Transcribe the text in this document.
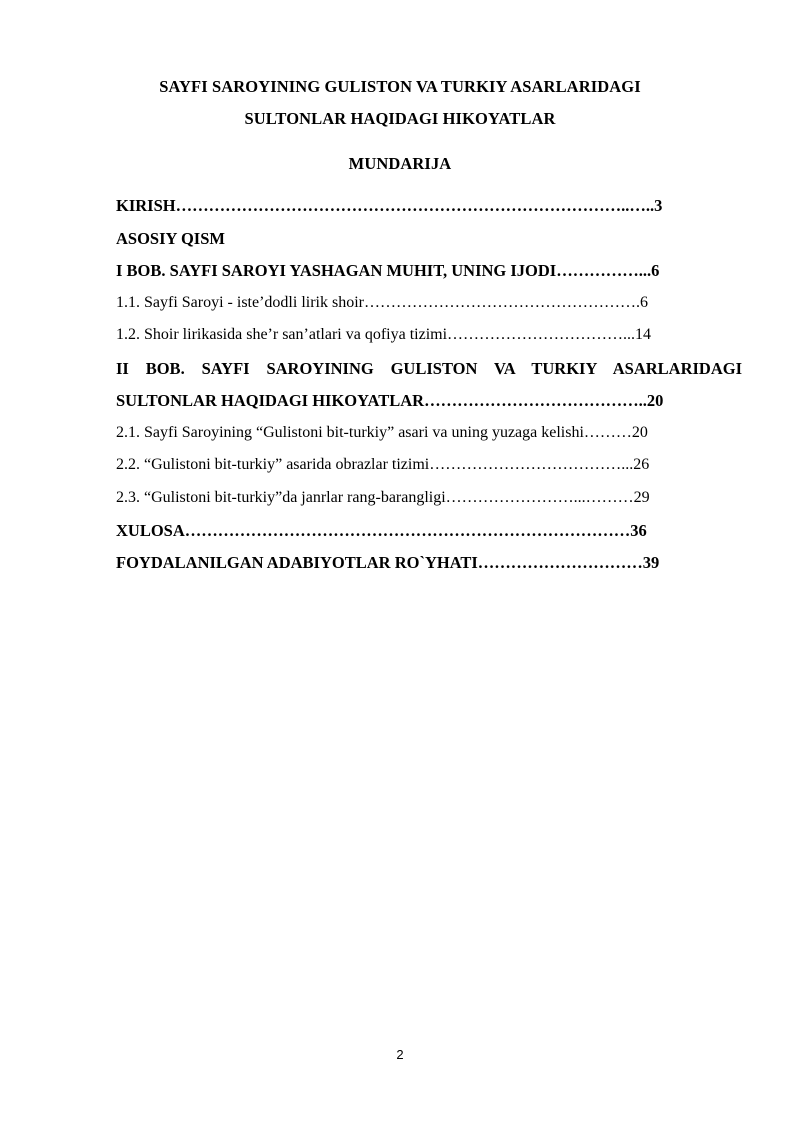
SAYFI SAROYINING GULISTON VA TURKIY ASARLARIDAGI
SULTONLAR HAQIDAGI HIKOYATLAR
MUNDARIJA
KIRISH………………………………………………………………………..…..3
ASOSIY QISM
I BOB. SAYFI SAROYI YASHAGAN MUHIT, UNING IJODI……………...6
1.1. Sayfi Saroyi - iste’dodli lirik shoir…………………………………………….6
1.2. Shoir lirikasida she’r san’atlari va qofiya tizimi……………………………...14
II BOB. SAYFI SAROYINING GULISTON VA TURKIY ASARLARIDAGI
SULTONLAR HAQIDAGI HIKOYATLAR…………………………………..20
2.1. Sayfi Saroyining “Gulistoni bit-turkiy” asari va uning yuzaga kelishi………20
2.2. “Gulistoni bit-turkiy” asarida obrazlar tizimi………………………………...26
2.3. “Gulistoni bit-turkiy”da janrlar rang-barangligi……………………...………29
XULOSA………………………………………………………………………36
FOYDALANILGAN ADABIYOTLAR RO`YHATI…………………………39
2
